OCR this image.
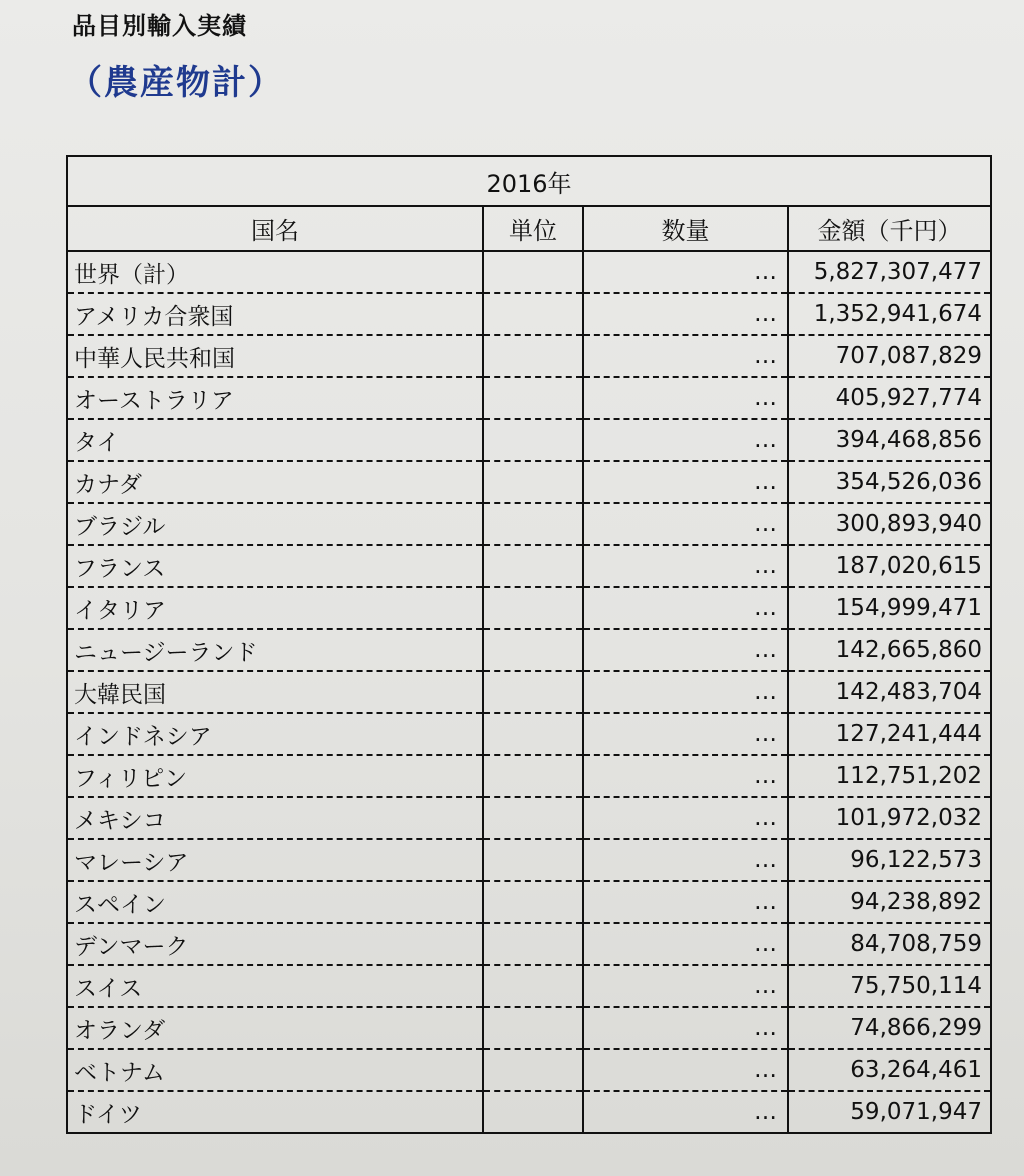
品目別輸入実績
（農産物計）
2016年
国名	単位	数量	金額（千円）
世界（計）		…	5,827,307,477
アメリカ合衆国		…	1,352,941,674
中華人民共和国		…	707,087,829
オーストラリア		…	405,927,774
タイ		…	394,468,856
カナダ		…	354,526,036
ブラジル		…	300,893,940
フランス		…	187,020,615
イタリア		…	154,999,471
ニュージーランド		…	142,665,860
大韓民国		…	142,483,704
インドネシア		…	127,241,444
フィリピン		…	112,751,202
メキシコ		…	101,972,032
マレーシア		…	96,122,573
スペイン		…	94,238,892
デンマーク		…	84,708,759
スイス		…	75,750,114
オランダ		…	74,866,299
ベトナム		…	63,264,461
ドイツ		…	59,071,947
